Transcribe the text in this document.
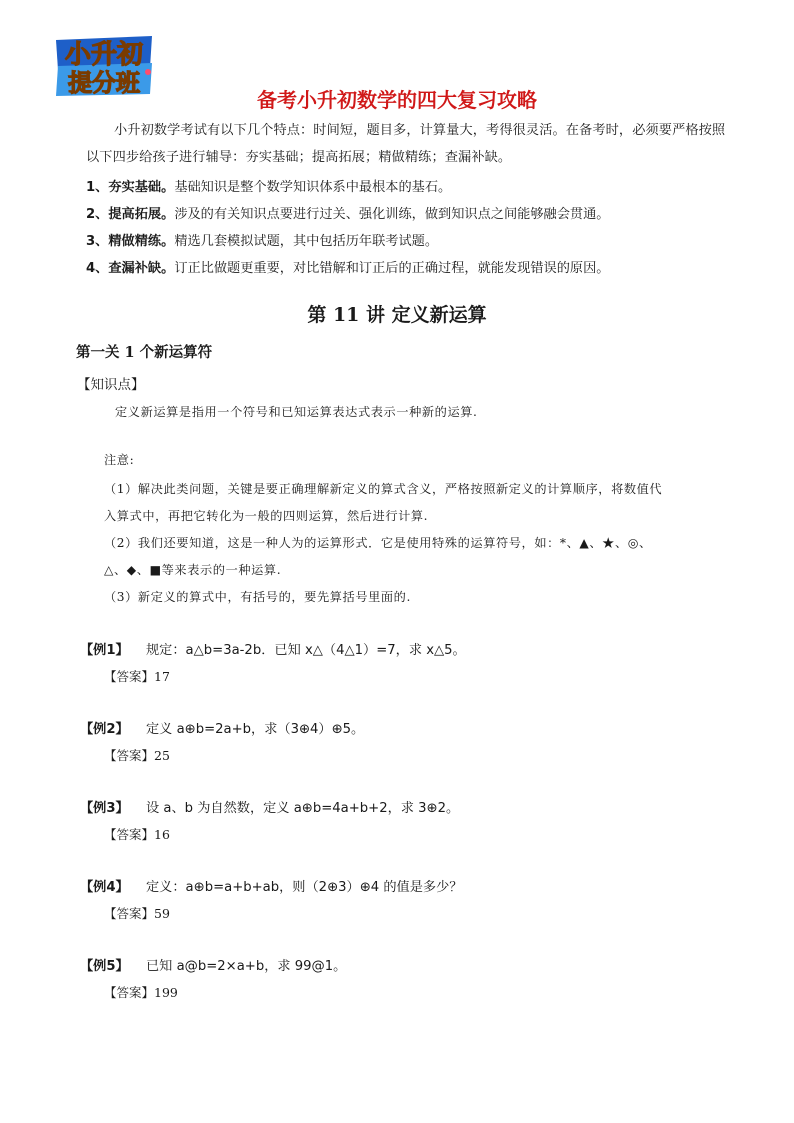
小升初
提分班
备考小升初数学的四大复习攻略
小升初数学考试有以下几个特点：时间短，题目多，计算量大，考得很灵活。在备考时，必须要严格按照以下四步给孩子进行辅导：夯实基础；提高拓展；精做精练；查漏补缺。
1、夯实基础。基础知识是整个数学知识体系中最根本的基石。
2、提高拓展。涉及的有关知识点要进行过关、强化训练，做到知识点之间能够融会贯通。
3、精做精练。精选几套模拟试题，其中包括历年联考试题。
4、查漏补缺。订正比做题更重要，对比错解和订正后的正确过程，就能发现错误的原因。
第 11 讲 定义新运算
第一关 1 个新运算符
【知识点】
定义新运算是指用一个符号和已知运算表达式表示一种新的运算.
注意:
（1）解决此类问题，关键是要正确理解新定义的算式含义，严格按照新定义的计算顺序，将数值代
入算式中，再把它转化为一般的四则运算，然后进行计算.
（2）我们还要知道，这是一种人为的运算形式．它是使用特殊的运算符号，如：*、▲、★、◎、
△、◆、■等来表示的一种运算.
（3）新定义的算式中，有括号的，要先算括号里面的.
【例1】 规定：a△b=3a-2b．已知 x△（4△1）=7，求 x△5。
【答案】17
【例2】 定义 a⊕b=2a+b，求（3⊕4）⊕5。
【答案】25
【例3】 设 a、b 为自然数，定义 a⊕b=4a+b+2，求 3⊕2。
【答案】16
【例4】 定义：a⊕b=a+b+ab，则（2⊕3）⊕4 的值是多少？
【答案】59
【例5】 已知 a@b=2×a+b，求 99@1。
【答案】199
